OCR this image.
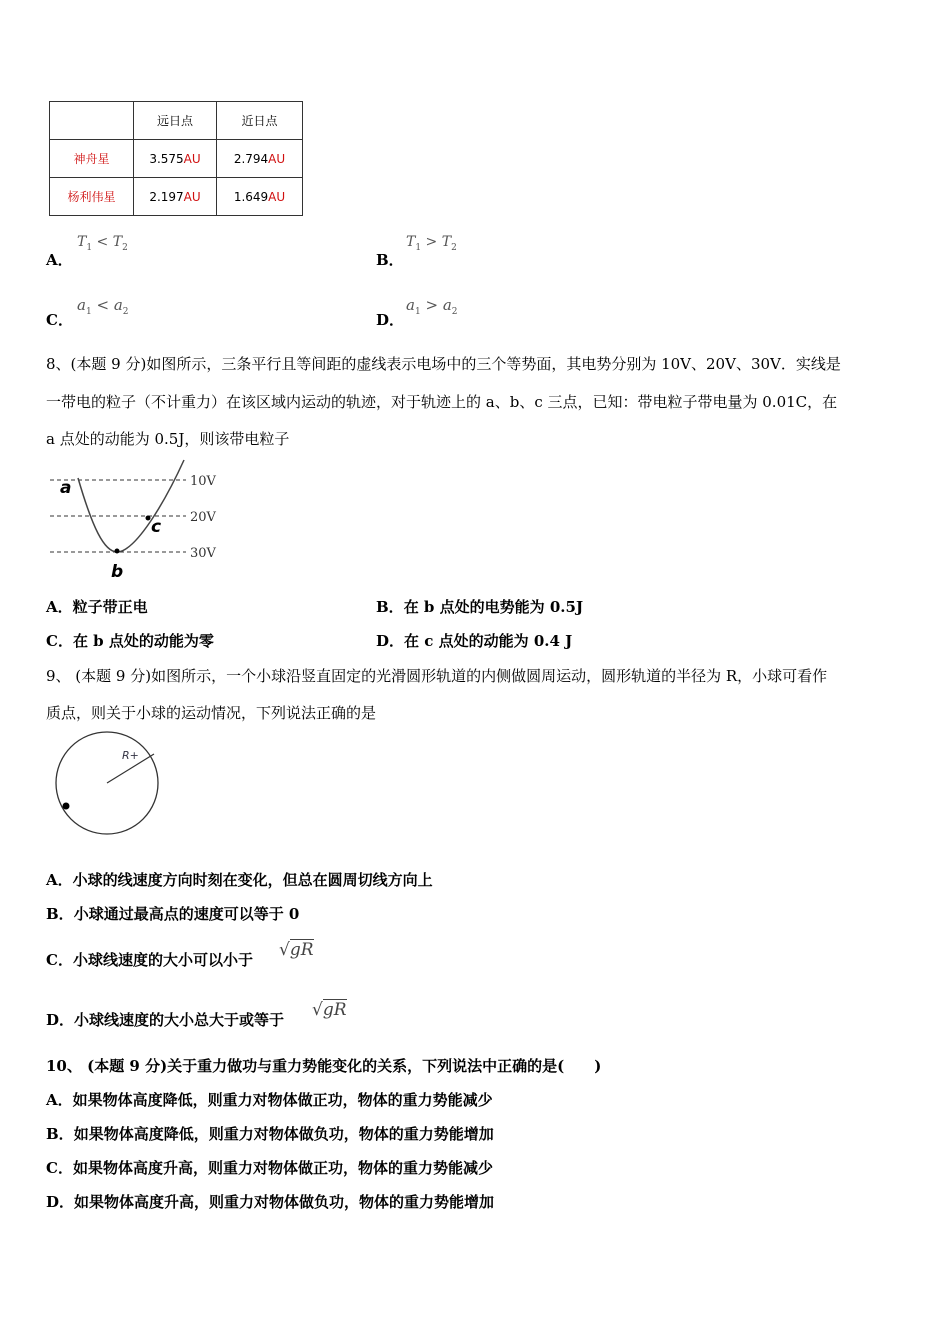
	远日点	近日点
神舟星	3.575AU	2.794AU
杨利伟星	2.197AU	1.649AU
A．
$T_1 < T_2$
B．
$T_1 > T_2$
C．
$a_1 < a_2$	D．
$a_1 > a_2$
8、(本题 9 分)如图所示，三条平行且等间距的虚线表示电场中的三个等势面，其电势分别为 10V、20V、30V．实线是
一带电的粒子（不计重力）在该区域内运动的轨迹，对于轨迹上的 a、b、c 三点，已知：带电粒子带电量为 0.01C，在
a 点处的动能为 0.5J，则该带电粒子
10V
20V
30V
a
b
c
A．粒子带正电	B．在 b 点处的电势能为 0.5J
C．在 b 点处的动能为零	D．在 c 点处的动能为 0.4 J
9、 (本题 9 分)如图所示，一个小球沿竖直固定的光滑圆形轨道的内侧做圆周运动，圆形轨道的半径为 R，小球可看作
质点，则关于小球的运动情况，下列说法正确的是
R+
A．小球的线速度方向时刻在变化，但总在圆周切线方向上
B．小球通过最高点的速度可以等于 0
C．小球线速度的大小可以小于 √gR
D．小球线速度的大小总大于或等于 √gR
10、 (本题 9 分)关于重力做功与重力势能变化的关系，下列说法中正确的是(　　)
A．如果物体高度降低，则重力对物体做正功，物体的重力势能减少
B．如果物体高度降低，则重力对物体做负功，物体的重力势能增加
C．如果物体高度升高，则重力对物体做正功，物体的重力势能减少
D．如果物体高度升高，则重力对物体做负功，物体的重力势能增加
